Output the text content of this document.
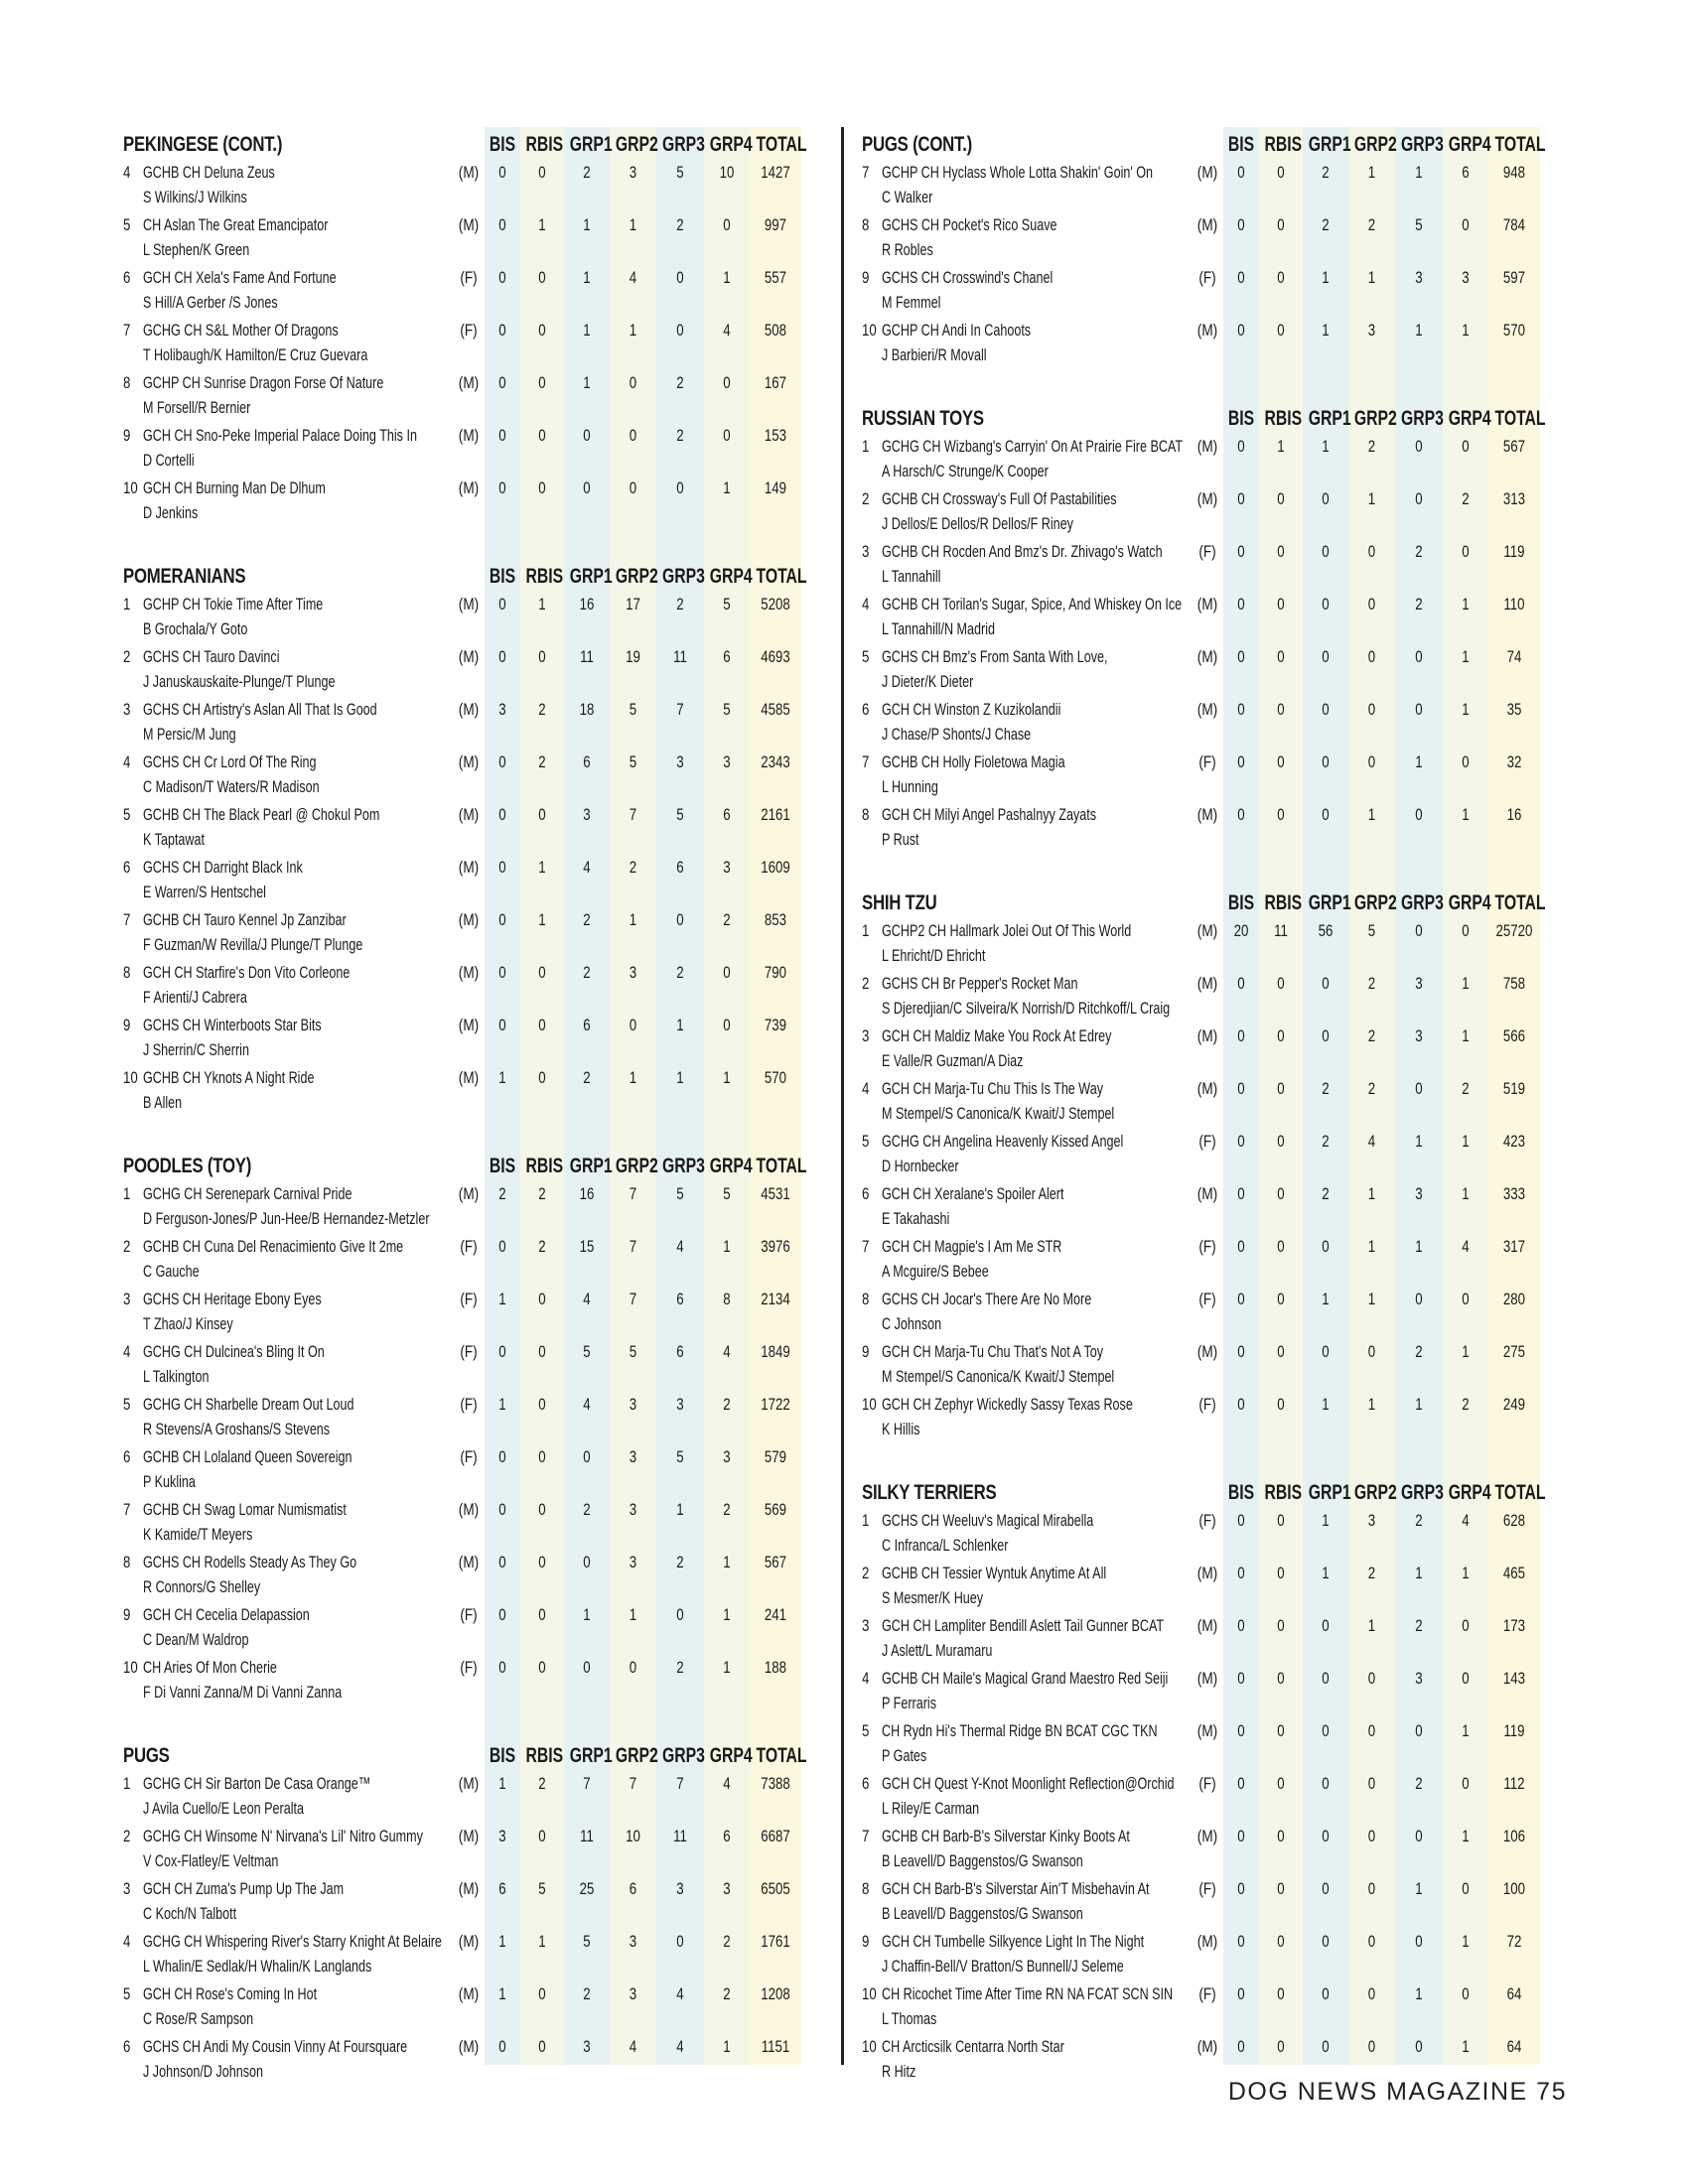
PEKINGESE (CONT.)	BIS RBIS GRP1 GRP2 GRP3 GRP4 TOTAL
4 GCHB CH Deluna Zeus
S Wilkins/J Wilkins
(M)	0	0	2	3	5	10	1427
5 CH Aslan The Great Emancipator
L Stephen/K Green
(M)	0	1	1	1	2	0	997
6 GCH CH Xela's Fame And Fortune
S Hill/A Gerber /S Jones
(F)	0	0	1	4	0	1	557
7 GCHG CH S&L Mother Of Dragons
T Holibaugh/K Hamilton/E Cruz Guevara
(F)	0	0	1	1	0	4	508
8 GCHP CH Sunrise Dragon Forse Of Nature
M Forsell/R Bernier
(M)	0	0	1	0	2	0	167
9 GCH CH Sno-Peke Imperial Palace Doing This In
D Cortelli
(M)	0	0	0	0	2	0	153
10 GCH CH Burning Man De Dlhum
D Jenkins
(M)	0	0	0	0	0	1	149
POMERANIANS	BIS RBIS GRP1 GRP2 GRP3 GRP4 TOTAL
1 GCHP CH Tokie Time After Time
B Grochala/Y Goto
(M)	0	1	16	17	2	5	5208
2 GCHS CH Tauro Davinci
J Januskauskaite-Plunge/T Plunge
(M)	0	0	11	19	11	6	4693
3 GCHS CH Artistry's Aslan All That Is Good
M Persic/M Jung
(M)	3	2	18	5	7	5	4585
4 GCHS CH Cr Lord Of The Ring
C Madison/T Waters/R Madison
(M)	0	2	6	5	3	3	2343
5 GCHB CH The Black Pearl @ Chokul Pom
K Taptawat
(M)	0	0	3	7	5	6	2161
6 GCHS CH Darright Black Ink
E Warren/S Hentschel
(M)	0	1	4	2	6	3	1609
7 GCHB CH Tauro Kennel Jp Zanzibar
F Guzman/W Revilla/J Plunge/T Plunge
(M)	0	1	2	1	0	2	853
8 GCH CH Starfire's Don Vito Corleone
F Arienti/J Cabrera
(M)	0	0	2	3	2	0	790
9 GCHS CH Winterboots Star Bits
J Sherrin/C Sherrin
(M)	0	0	6	0	1	0	739
10 GCHB CH Yknots A Night Ride
B Allen
(M)	1	0	2	1	1	1	570
POODLES (TOY)	BIS RBIS GRP1 GRP2 GRP3 GRP4 TOTAL
1 GCHG CH Serenepark Carnival Pride
D Ferguson-Jones/P Jun-Hee/B Hernandez-Metzler
(M)	2	2	16	7	5	5	4531
2 GCHB CH Cuna Del Renacimiento Give It 2me
C Gauche
(F)	0	2	15	7	4	1	3976
3 GCHS CH Heritage Ebony Eyes
T Zhao/J Kinsey
(F)	1	0	4	7	6	8	2134
4 GCHG CH Dulcinea's Bling It On
L Talkington
(F)	0	0	5	5	6	4	1849
5 GCHG CH Sharbelle Dream Out Loud
R Stevens/A Groshans/S Stevens
(F)	1	0	4	3	3	2	1722
6 GCHB CH Lolaland Queen Sovereign
P Kuklina
(F)	0	0	0	3	5	3	579
7 GCHB CH Swag Lomar Numismatist
K Kamide/T Meyers
(M)	0	0	2	3	1	2	569
8 GCHS CH Rodells Steady As They Go
R Connors/G Shelley
(M)	0	0	0	3	2	1	567
9 GCH CH Cecelia Delapassion
C Dean/M Waldrop
(F)	0	0	1	1	0	1	241
10 CH Aries Of Mon Cherie
F Di Vanni Zanna/M Di Vanni Zanna
(F)	0	0	0	0	2	1	188
PUGS	BIS RBIS GRP1 GRP2 GRP3 GRP4 TOTAL
1 GCHG CH Sir Barton De Casa Orange™
J Avila Cuello/E Leon Peralta
(M)	1	2	7	7	7	4	7388
2 GCHG CH Winsome N' Nirvana's Lil' Nitro Gummy
V Cox-Flatley/E Veltman
(M)	3	0	11	10	11	6	6687
3 GCH CH Zuma's Pump Up The Jam
C Koch/N Talbott
(M)	6	5	25	6	3	3	6505
4 GCHG CH Whispering River's Starry Knight At Belaire
L Whalin/E Sedlak/H Whalin/K Langlands
(M)	1	1	5	3	0	2	1761
5 GCH CH Rose's Coming In Hot
C Rose/R Sampson
(M)	1	0	2	3	4	2	1208
6 GCHS CH Andi My Cousin Vinny At Foursquare
J Johnson/D Johnson
(M)	0	0	3	4	4	1	1151
PUGS (CONT.)	BIS RBIS GRP1 GRP2 GRP3 GRP4 TOTAL
7 GCHP CH Hyclass Whole Lotta Shakin' Goin' On
C Walker
(M)	0	0	2	1	1	6	948
8 GCHS CH Pocket's Rico Suave
R Robles
(M)	0	0	2	2	5	0	784
9 GCHS CH Crosswind's Chanel
M Femmel
(F)	0	0	1	1	3	3	597
10 GCHP CH Andi In Cahoots
J Barbieri/R Movall
(M)	0	0	1	3	1	1	570
RUSSIAN TOYS	BIS RBIS GRP1 GRP2 GRP3 GRP4 TOTAL
1 GCHG CH Wizbang's Carryin' On At Prairie Fire BCAT
A Harsch/C Strunge/K Cooper
(M)	0	1	1	2	0	0	567
2 GCHB CH Crossway's Full Of Pastabilities
J Dellos/E Dellos/R Dellos/F Riney
(M)	0	0	0	1	0	2	313
3 GCHB CH Rocden And Bmz's Dr. Zhivago's Watch
L Tannahill
(F)	0	0	0	0	2	0	119
4 GCHB CH Torilan's Sugar, Spice, And Whiskey On Ice
L Tannahill/N Madrid
(M)	0	0	0	0	2	1	110
5 GCHS CH Bmz's From Santa With Love,
J Dieter/K Dieter
(M)	0	0	0	0	0	1	74
6 GCH CH Winston Z Kuzikolandii
J Chase/P Shonts/J Chase
(M)	0	0	0	0	0	1	35
7 GCHB CH Holly Fioletowa Magia
L Hunning
(F)	0	0	0	0	1	0	32
8 GCH CH Milyi Angel Pashalnyy Zayats
P Rust
(M)	0	0	0	1	0	1	16
SHIH TZU	BIS RBIS GRP1 GRP2 GRP3 GRP4 TOTAL
1 GCHP2 CH Hallmark Jolei Out Of This World
L Ehricht/D Ehricht
(M) 20	11	56	5	0	0	25720
2 GCHS CH Br Pepper's Rocket Man
S Djeredjian/C Silveira/K Norrish/D Ritchkoff/L Craig
(M)	0	0	0	2	3	1	758
3 GCH CH Maldiz Make You Rock At Edrey
E Valle/R Guzman/A Diaz
(M)	0	0	0	2	3	1	566
4 GCH CH Marja-Tu Chu This Is The Way
M Stempel/S Canonica/K Kwait/J Stempel
(M)	0	0	2	2	0	2	519
5 GCHG CH Angelina Heavenly Kissed Angel
D Hornbecker
(F)	0	0	2	4	1	1	423
6 GCH CH Xeralane's Spoiler Alert
E Takahashi
(M)	0	0	2	1	3	1	333
7 GCH CH Magpie's I Am Me STR
A Mcguire/S Bebee
(F)	0	0	0	1	1	4	317
8 GCHS CH Jocar's There Are No More
C Johnson
(F)	0	0	1	1	0	0	280
9 GCH CH Marja-Tu Chu That's Not A Toy
M Stempel/S Canonica/K Kwait/J Stempel
(M)	0	0	0	0	2	1	275
10 GCH CH Zephyr Wickedly Sassy Texas Rose
K Hillis
(F)	0	0	1	1	1	2	249
SILKY TERRIERS	BIS RBIS GRP1 GRP2 GRP3 GRP4 TOTAL
1 GCHS CH Weeluv's Magical Mirabella
C Infranca/L Schlenker
(F)	0	0	1	3	2	4	628
2 GCHB CH Tessier Wyntuk Anytime At All
S Mesmer/K Huey
(M)	0	0	1	2	1	1	465
3 GCH CH Lampliter Bendill Aslett Tail Gunner BCAT
J Aslett/L Muramaru
(M)	0	0	0	1	2	0	173
4 GCHB CH Maile's Magical Grand Maestro Red Seiji
P Ferraris
(M)	0	0	0	0	3	0	143
5 CH Rydn Hi's Thermal Ridge BN BCAT CGC TKN
P Gates
(M)	0	0	0	0	0	1	119
6 GCH CH Quest Y-Knot Moonlight Reflection@Orchid
L Riley/E Carman
(F)	0	0	0	0	2	0	112
7 GCHB CH Barb-B's Silverstar Kinky Boots At
B Leavell/D Baggenstos/G Swanson
(M)	0	0	0	0	0	1	106
8 GCH CH Barb-B's Silverstar Ain'T Misbehavin At
B Leavell/D Baggenstos/G Swanson
(F)	0	0	0	0	1	0	100
9 GCH CH Tumbelle Silkyence Light In The Night
J Chaffin-Bell/V Bratton/S Bunnell/J Seleme
(M)	0	0	0	0	0	1	72
10 CH Ricochet Time After Time RN NA FCAT SCN SIN
L Thomas
(F)	0	0	0	0	1	0	64
10 CH Arcticsilk Centarra North Star
R Hitz
(M)	0	0	0	0	0	1	64
DOG NEWS MAGAZINE 75
